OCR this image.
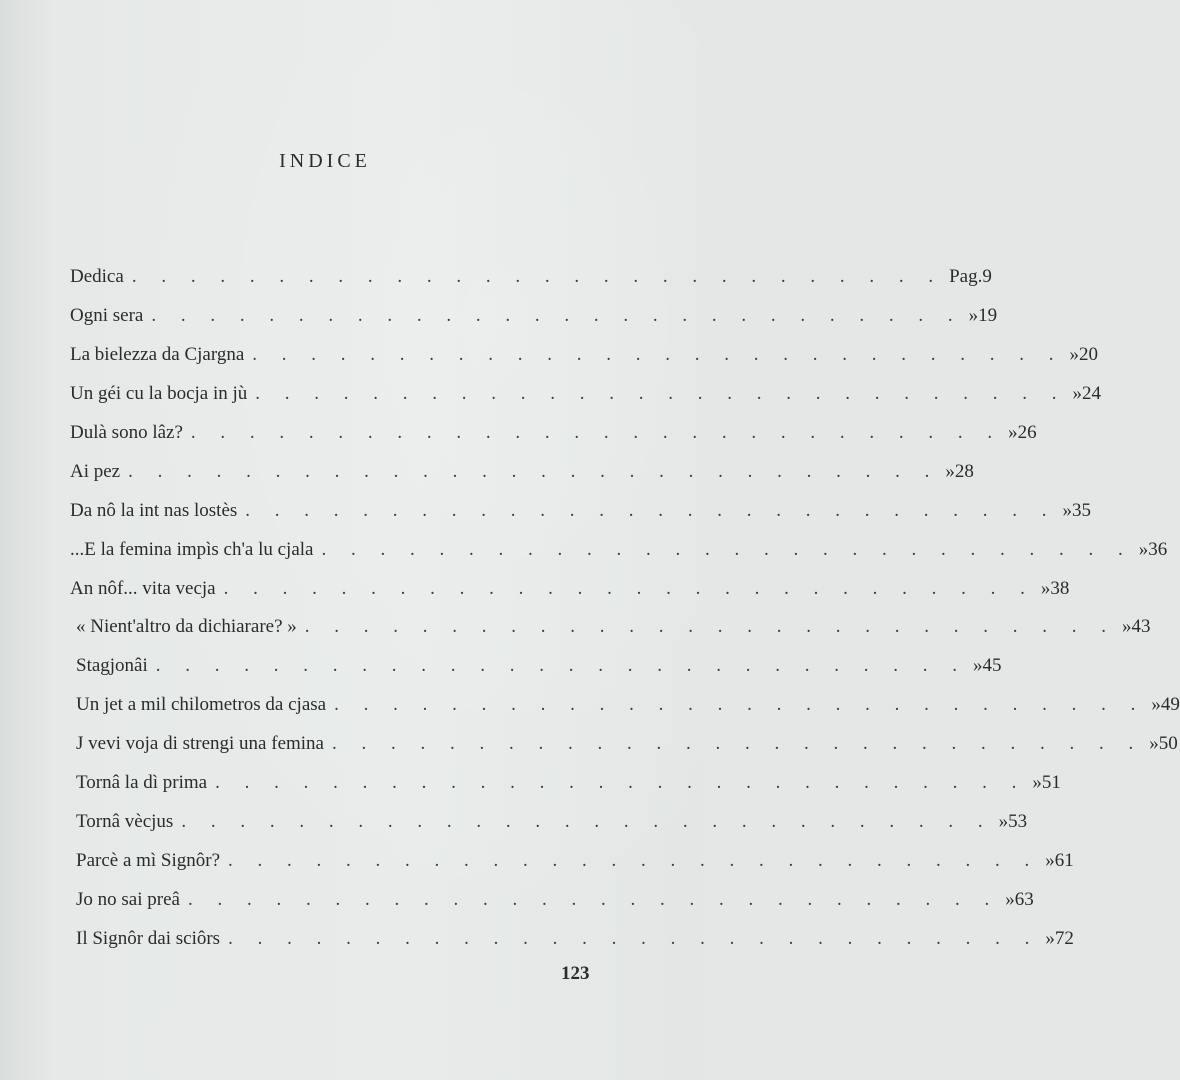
INDICE
Dedica . . . . . . . . . . . . . . . . . . . . . . . . . . . . Pag. 9
Ogni sera . . . . . . . . . . . . . . . . . . . . . . . . . . . . » 19
La bielezza da Cjargna . . . . . . . . . . . . . . . . . . . . . . . . . . . . » 20
Un géi cu la bocja in jù . . . . . . . . . . . . . . . . . . . . . . . . . . . . » 24
Dulà sono lâz? . . . . . . . . . . . . . . . . . . . . . . . . . . . . » 26
Ai pez . . . . . . . . . . . . . . . . . . . . . . . . . . . . » 28
Da nô la int nas lostès . . . . . . . . . . . . . . . . . . . . . . . . . . . . » 35
...E la femina impìs ch'a lu cjala . . . . . . . . . . . . . . . . . . . . . . . . . . . . » 36
An nôf... vita vecja . . . . . . . . . . . . . . . . . . . . . . . . . . . . » 38
« Nient'altro da dichiarare? » . . . . . . . . . . . . . . . . . . . . . . . . . . . . » 43
Stagjonâi . . . . . . . . . . . . . . . . . . . . . . . . . . . . » 45
Un jet a mil chilometros da cjasa . . . . . . . . . . . . . . . . . . . . . . . . . . . . » 49
J vevi voja di strengi una femina . . . . . . . . . . . . . . . . . . . . . . . . . . . . » 50
Tornâ la dì prima . . . . . . . . . . . . . . . . . . . . . . . . . . . . » 51
Tornâ vècjus . . . . . . . . . . . . . . . . . . . . . . . . . . . . » 53
Parcè a mì Signôr? . . . . . . . . . . . . . . . . . . . . . . . . . . . . » 61
Jo no sai preâ . . . . . . . . . . . . . . . . . . . . . . . . . . . . » 63
Il Signôr dai sciôrs . . . . . . . . . . . . . . . . . . . . . . . . . . . . » 72
123
